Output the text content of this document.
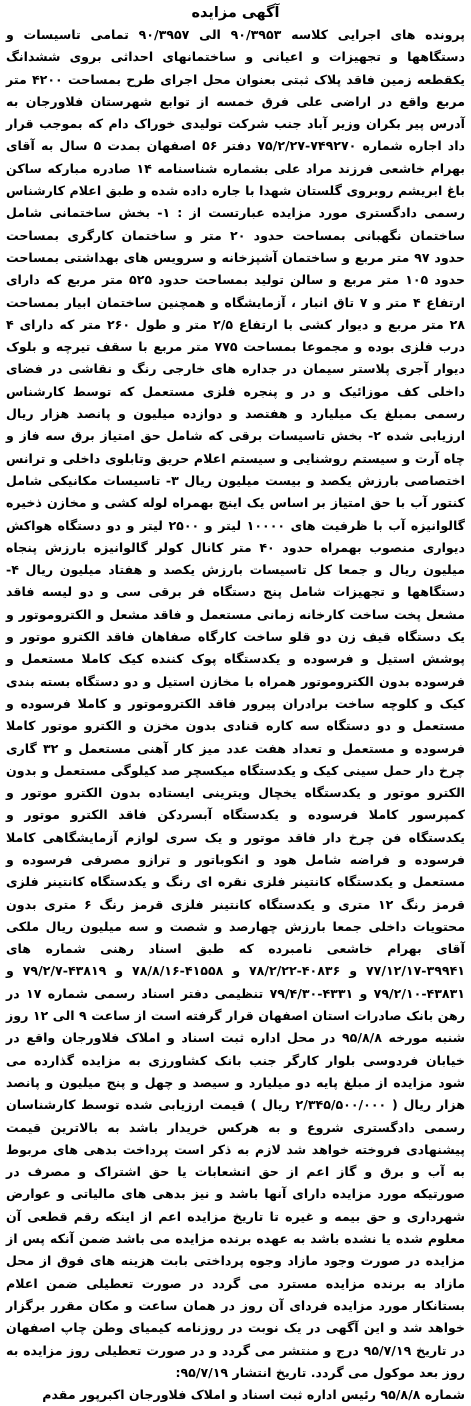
آگهی مزایده

پرونده های اجرایی کلاسه ۹۰/۳۹۵۳ الی ۹۰/۳۹۵۷ تمامی تاسیسات و دستگاهها و تجهیزات و اعیانی و ساختمانهای احداثی بروی ششدانگ یکقطعه زمین فاقد پلاک ثبتی بعنوان محل اجرای طرح بمساحت ۴۲۰۰ متر مربع واقع در اراضی علی فرق خمسه از توابع شهرستان فلاورجان به آدرس پیر بکران وزیر آباد جنب شرکت تولیدی خوراک دام که بموجب قرار داد اجاره شماره ۷۴۹۲۷۰-۷۵/۲/۲۷ دفتر ۵۶ اصفهان بمدت ۵ سال به آقای بهرام خاشعی فرزند مراد علی بشماره شناسنامه ۱۴ صادره مبارکه ساکن باغ ابریشم روبروی گلستان شهدا با جاره داده شده و طبق اعلام کارشناس رسمی دادگستری مورد مزایده عبارتست از : ۱- بخش ساختمانی شامل ساختمان نگهبانی بمساحت حدود ۲۰ متر و ساختمان کارگری بمساحت حدود ۹۷ متر مربع و ساختمان آشپزخانه و سرویس های بهداشتی بمساحت حدود ۱۰۵ متر مربع و سالن تولید بمساحت حدود ۵۲۵ متر مربع که دارای ارتفاع ۴ متر و ۷ تاق انبار ، آزمایشگاه و همچنین ساختمان ابیار بمساحت ۲۸ متر مربع و دیوار کشی با ارتفاع ۲/۵ متر و طول ۲۶۰ متر که دارای ۴ درب فلزی بوده و مجموعا بمساحت ۷۷۵ متر مربع با سقف تیرچه و بلوک دیوار آجری پلاستر سیمان در جداره های خارجی رنگ و نقاشی در فضای داخلی کف موزائیک و در و پنجره فلزی مستعمل که توسط کارشناس رسمی بمبلغ یک میلیارد و هفتصد و دوازده میلیون و پانصد هزار ریال ارزیابی شده ۲- بخش تاسیسات برقی که شامل حق امتیاز برق سه فاز و چاه آرت و سیستم روشنایی و سیستم اعلام حریق وتابلوی داخلی و ترانس اختصاصی بارزش یکصد و بیست میلیون ریال ۳- تاسیسات مکانیکی شامل کنتور آب با حق امتیاز بر اساس یک اینچ بهمراه لوله کشی و مخازن ذخیره گالوانیزه آب با ظرفیت های ۱۰۰۰۰ لیتر و ۲۵۰۰ لیتر و دو دستگاه هواکش دیواری منصوب بهمراه حدود ۴۰ متر کانال کولر گالوانیزه بارزش پنجاه میلیون ریال و جمعا کل تاسیسات بارزش یکصد و هفتاد میلیون ریال ۴- دستگاهها و تجهیزات شامل پنج دستگاه فر برقی سی و دو لیسه فاقد مشعل پخت ساخت کارخانه زمانی مستعمل و فاقد مشعل و الکتروموتور و یک دستگاه قیف زن دو قلو ساخت کارگاه صفاهان فاقد الکترو موتور و پوشش استیل و فرسوده و یکدستگاه پوک کننده کیک کاملا مستعمل و فرسوده بدون الکتروموتور همراه با مخازن استیل و دو دستگاه بسته بندی کیک و کلوچه ساخت برادران پیرور فاقد الکتروموتور و کاملا فرسوده و مستعمل و دو دستگاه سه کاره قنادی بدون مخزن و الکترو موتور کاملا فرسوده و مستعمل و تعداد هفت عدد میز کار آهنی مستعمل و ۳۲ گاری چرخ دار حمل سینی کیک و یکدستگاه میکسچر صد کیلوگی مستعمل و بدون الکترو موتور و یکدستگاه یخچال ویترینی ایستاده بدون الکترو موتور و کمپرسور کاملا فرسوده و یکدستگاه آبسردکن فاقد الکترو موتور و یکدستگاه فن چرخ دار فاقد موتور و یک سری لوازم آزمایشگاهی کاملا فرسوده و فراضه شامل هود و انکوباتور و ترازو مصرفی فرسوده و مستعمل و یکدستگاه کانتینر فلزی نقره ای رنگ و یکدستگاه کانتینر فلزی قرمز رنگ ۱۲ متری و یکدستگاه کانتینر فلزی قرمز رنگ ۶ متری بدون محتویات داخلی جمعا بارزش چهارصد و شصت و سه میلیون ریال ملکی آقای بهرام خاشعی نامبرده که طبق اسناد رهنی شماره های ۳۹۹۴۱-۷۷/۱۲/۱۷ و ۴۰۸۳۶-۷۸/۲/۲۲ و ۴۱۵۵۸-۷۸/۸/۱۶ و ۴۳۸۱۹-۷۹/۲/۷ و ۴۳۸۳۱-۷۹/۲/۱۰ و ۴۳۳۱-۷۹/۴/۳۰ تنظیمی دفتر اسناد رسمی شماره ۱۷ در رهن بانک صادرات استان اصفهان قرار گرفته است از ساعت ۹ الی ۱۲ روز شنبه مورخه ۹۵/۸/۸ در محل اداره ثبت اسناد و املاک فلاورجان واقع در خیابان فردوسی بلوار کارگر جنب بانک کشاورزی به مزایده گذارده می شود مزایده از مبلغ پایه دو میلیارد و سیصد و چهل و پنج میلیون و پانصد هزار ریال ( ۲/۳۴۵/۵۰۰/۰۰۰ ریال ) قیمت ارزیابی شده توسط کارشناسان رسمی دادگستری شروع و به هرکس خریدار باشد به بالاترین قیمت پیشنهادی فروخته خواهد شد لازم به ذکر است پرداخت بدهی های مربوط به آب و برق و گاز اعم از حق انشعابات یا حق اشتراک و مصرف در صورتیکه مورد مزایده دارای آنها باشد و نیز بدهی های مالیاتی و عوارض شهرداری و حق بیمه و غیره تا تاریخ مزایده اعم از اینکه رقم قطعی آن معلوم شده یا نشده باشد به عهده برنده مزایده می باشد ضمن آنکه پس از مزایده در صورت وجود مازاد وجوه پرداختی بابت هزینه های فوق از محل مازاد به برنده مزایده مسترد می گردد در صورت تعطیلی ضمن اعلام بستانکار مورد مزایده فردای آن روز در همان ساعت و مکان مقرر برگزار خواهد شد و این آگهی در یک نوبت در روزنامه کیمیای وطن چاپ اصفهان در تاریخ ۹۵/۷/۱۹ درج و منتشر می گردد و در صورت تعطیلی روز مزایده به روز بعد موکول می گردد. تاریخ انتشار ۹۵/۷/۱۹:

شماره ۹۵/۸/۸ رئیس اداره ثبت اسناد و املاک فلاورجان اکبرپور مقدم
